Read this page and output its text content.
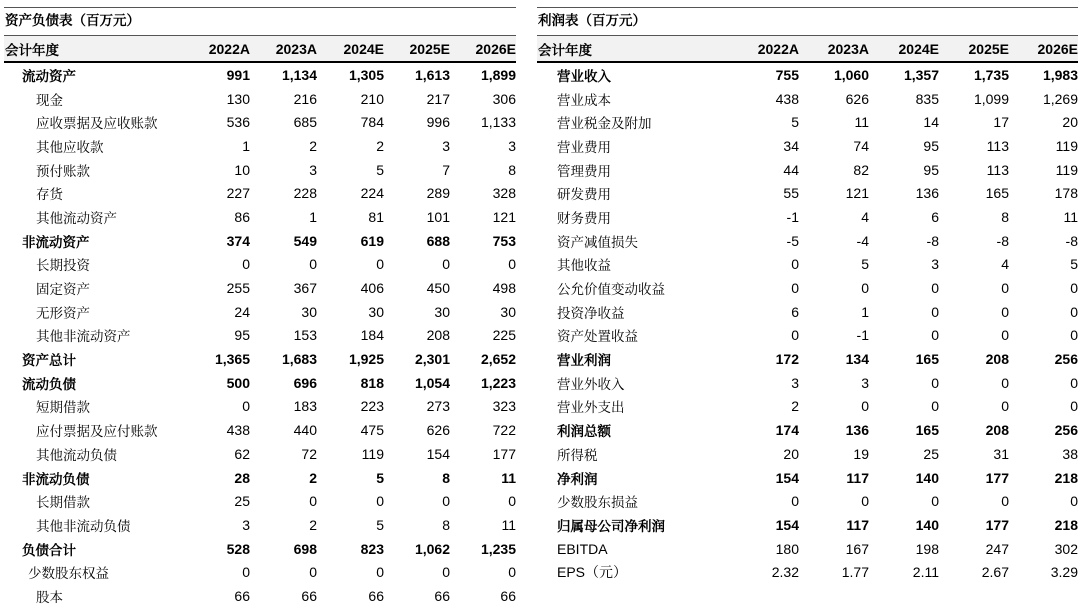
资产负债表（百万元）
会计年度	2022A	2023A	2024E	2025E	2026E
流动资产	991	1,134	1,305	1,613	1,899
现金	130	216	210	217	306
应收票据及应收账款	536	685	784	996	1,133
其他应收款	1	2	2	3	3
预付账款	10	3	5	7	8
存货	227	228	224	289	328
其他流动资产	86	1	81	101	121
非流动资产	374	549	619	688	753
长期投资	0	0	0	0	0
固定资产	255	367	406	450	498
无形资产	24	30	30	30	30
其他非流动资产	95	153	184	208	225
资产总计	1,365	1,683	1,925	2,301	2,652
流动负债	500	696	818	1,054	1,223
短期借款	0	183	223	273	323
应付票据及应付账款	438	440	475	626	722
其他流动负债	62	72	119	154	177
非流动负债	28	2	5	8	11
长期借款	25	0	0	0	0
其他非流动负债	3	2	5	8	11
负债合计	528	698	823	1,062	1,235
少数股东权益	0	0	0	0	0
股本	66	66	66	66	66
利润表（百万元）
会计年度	2022A	2023A	2024E	2025E	2026E
营业收入	755	1,060	1,357	1,735	1,983
营业成本	438	626	835	1,099	1,269
营业税金及附加	5	11	14	17	20
营业费用	34	74	95	113	119
管理费用	44	82	95	113	119
研发费用	55	121	136	165	178
财务费用	-1	4	6	8	11
资产减值损失	-5	-4	-8	-8	-8
其他收益	0	5	3	4	5
公允价值变动收益	0	0	0	0	0
投资净收益	6	1	0	0	0
资产处置收益	0	-1	0	0	0
营业利润	172	134	165	208	256
营业外收入	3	3	0	0	0
营业外支出	2	0	0	0	0
利润总额	174	136	165	208	256
所得税	20	19	25	31	38
净利润	154	117	140	177	218
少数股东损益	0	0	0	0	0
归属母公司净利润	154	117	140	177	218
EBITDA	180	167	198	247	302
EPS（元）	2.32	1.77	2.11	2.67	3.29
